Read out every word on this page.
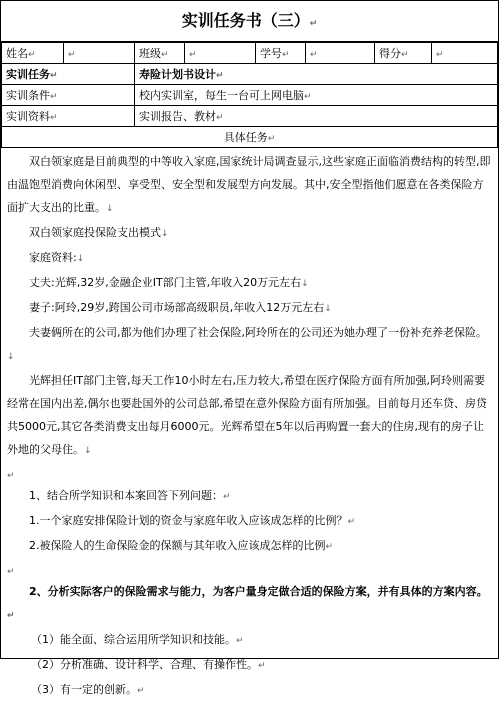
实训任务书（三）↵
姓名↵	↵	班级↵	↵	学号↵	↵	得分↵	↵
实训任务↵		寿险计划书设计↵					
实训条件↵		校内实训室，每生一台可上网电脑↵					
实训资料↵		实训报告、教材↵					
具体任务↵							

双白领家庭是目前典型的中等收入家庭,国家统计局调查显示,这些家庭正面临消费结构的转型,即由温饱型消费向休闲型、享受型、安全型和发展型方向发展。其中,安全型指他们愿意在各类保险方面扩大支出的比重。↓

双白领家庭投保险支出模式↓

家庭资料:↓

丈夫:光辉,32岁,金融企业IT部门主管,年收入20万元左右↓

妻子:阿玲,29岁,跨国公司市场部高级职员,年收入12万元左右↓

夫妻俩所在的公司,都为他们办理了社会保险,阿玲所在的公司还为她办理了一份补充养老保险。↓

光辉担任IT部门主管,每天工作10小时左右,压力较大,希望在医疗保险方面有所加强,阿玲则需要经常在国内出差,偶尔也要赴国外的公司总部,希望在意外保险方面有所加强。目前每月还车贷、房贷共5000元,其它各类消费支出每月6000元。光辉希望在5年以后再购置一套大的住房,现有的房子让外地的父母住。↓

↵

1、结合所学知识和本案回答下列问题：↵

1.一个家庭安排保险计划的资金与家庭年收入应该成怎样的比例？↵

2.被保险人的生命保险金的保额与其年收入应该成怎样的比例↵

↵

2、分析实际客户的保险需求与能力，为客户量身定做合适的保险方案，并有具体的方案内容。↵

（1）能全面、综合运用所学知识和技能。↵

（2）分析准确、设计科学、合理、有操作性。↵

（3）有一定的创新。↵
